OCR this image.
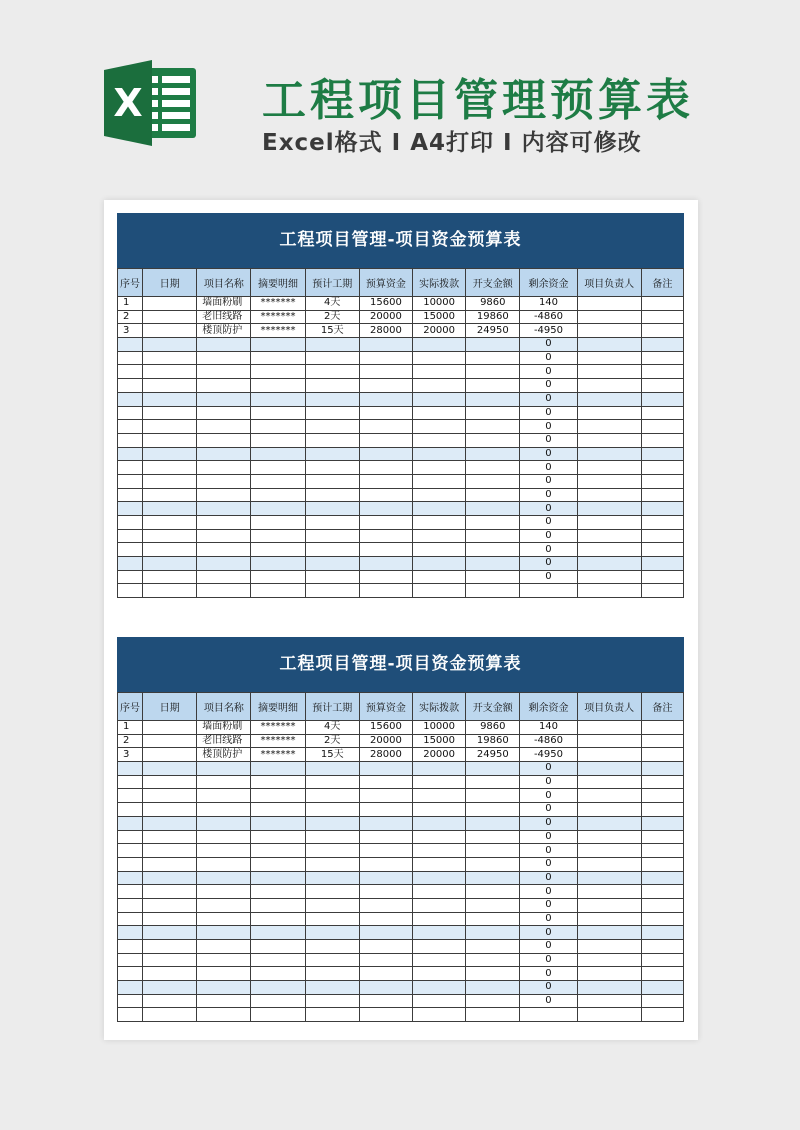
X	工程项目管理预算表
Excel格式 I A4打印 I 内容可修改
工程项目管理-项目资金预算表
序号	日期	项目名称	摘要明细	预计工期	预算资金	实际拨款	开支金额	剩余资金	项目负责人	备注
1		墙面粉刷	*******	4天	15600	10000	9860	140		
2		老旧线路	*******	2天	20000	15000	19860	-4860		
3		楼顶防护	*******	15天	28000	20000	24950	-4950		
								0		
								0		
								0		
								0		
								0		
								0		
								0		
								0		
								0		
								0		
								0		
								0		
								0		
								0		
								0		
								0		
								0		
								0		

工程项目管理-项目资金预算表
序号	日期	项目名称	摘要明细	预计工期	预算资金	实际拨款	开支金额	剩余资金	项目负责人	备注
1		墙面粉刷	*******	4天	15600	10000	9860	140		
2		老旧线路	*******	2天	20000	15000	19860	-4860		
3		楼顶防护	*******	15天	28000	20000	24950	-4950		
								0		
								0		
								0		
								0		
								0		
								0		
								0		
								0		
								0		
								0		
								0		
								0		
								0		
								0		
								0		
								0		
								0		
								0		
